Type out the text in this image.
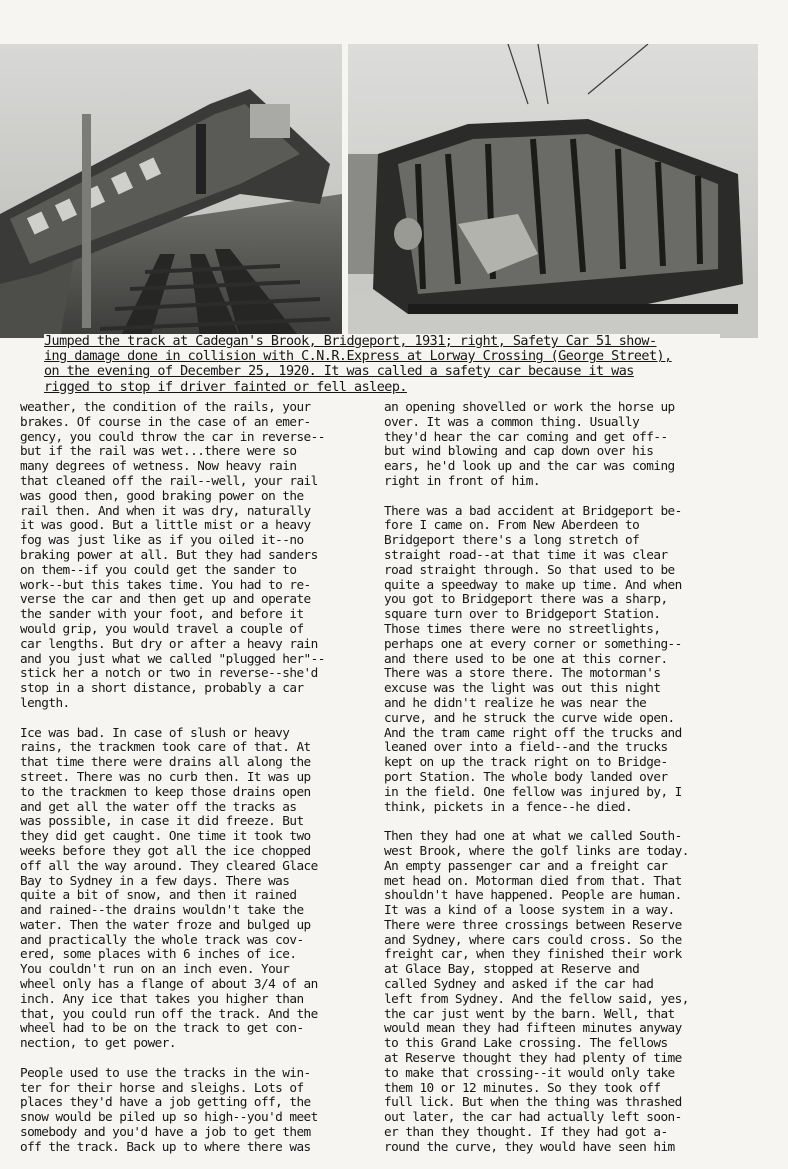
Jumped the track at Cadegan's Brook, Bridgeport, 1931; right, Safety Car 51 show-
ing damage done in collision with C.N.R.Express at Lorway Crossing (George Street),
on the evening of December 25, 1920. It was called a safety car because it was
rigged to stop if driver fainted or fell asleep.

weather, the condition of the rails, your
brakes. Of course in the case of an emer-
gency, you could throw the car in reverse--
but if the rail was wet...there were so
many degrees of wetness. Now heavy rain
that cleaned off the rail--well, your rail
was good then, good braking power on the
rail then. And when it was dry, naturally
it was good. But a little mist or a heavy
fog was just like as if you oiled it--no
braking power at all. But they had sanders
on them--if you could get the sander to
work--but this takes time. You had to re-
verse the car and then get up and operate
the sander with your foot, and before it
would grip, you would travel a couple of
car lengths. But dry or after a heavy rain
and you just what we called "plugged her"--
stick her a notch or two in reverse--she'd
stop in a short distance, probably a car
length.

Ice was bad. In case of slush or heavy
rains, the trackmen took care of that. At
that time there were drains all along the
street. There was no curb then. It was up
to the trackmen to keep those drains open
and get all the water off the tracks as
was possible, in case it did freeze. But
they did get caught. One time it took two
weeks before they got all the ice chopped
off all the way around. They cleared Glace
Bay to Sydney in a few days. There was
quite a bit of snow, and then it rained
and rained--the drains wouldn't take the
water. Then the water froze and bulged up
and practically the whole track was cov-
ered, some places with 6 inches of ice.
You couldn't run on an inch even. Your
wheel only has a flange of about 3/4 of an
inch. Any ice that takes you higher than
that, you could run off the track. And the
wheel had to be on the track to get con-
nection, to get power.

People used to use the tracks in the win-
ter for their horse and sleighs. Lots of
places they'd have a job getting off, the
snow would be piled up so high--you'd meet
somebody and you'd have a job to get them
off the track. Back up to where there was

an opening shovelled or work the horse up
over. It was a common thing. Usually
they'd hear the car coming and get off--
but wind blowing and cap down over his
ears, he'd look up and the car was coming
right in front of him.

There was a bad accident at Bridgeport be-
fore I came on. From New Aberdeen to
Bridgeport there's a long stretch of
straight road--at that time it was clear
road straight through. So that used to be
quite a speedway to make up time. And when
you got to Bridgeport there was a sharp,
square turn over to Bridgeport Station.
Those times there were no streetlights,
perhaps one at every corner or something--
and there used to be one at this corner.
There was a store there. The motorman's
excuse was the light was out this night
and he didn't realize he was near the
curve, and he struck the curve wide open.
And the tram came right off the trucks and
leaned over into a field--and the trucks
kept on up the track right on to Bridge-
port Station. The whole body landed over
in the field. One fellow was injured by, I
think, pickets in a fence--he died.

Then they had one at what we called South-
west Brook, where the golf links are today.
An empty passenger car and a freight car
met head on. Motorman died from that. That
shouldn't have happened. People are human.
It was a kind of a loose system in a way.
There were three crossings between Reserve
and Sydney, where cars could cross. So the
freight car, when they finished their work
at Glace Bay, stopped at Reserve and
called Sydney and asked if the car had
left from Sydney. And the fellow said, yes,
the car just went by the barn. Well, that
would mean they had fifteen minutes anyway
to this Grand Lake crossing. The fellows
at Reserve thought they had plenty of time
to make that crossing--it would only take
them 10 or 12 minutes. So they took off
full lick. But when the thing was thrashed
out later, the car had actually left soon-
er than they thought. If they had got a-
round the curve, they would have seen him
